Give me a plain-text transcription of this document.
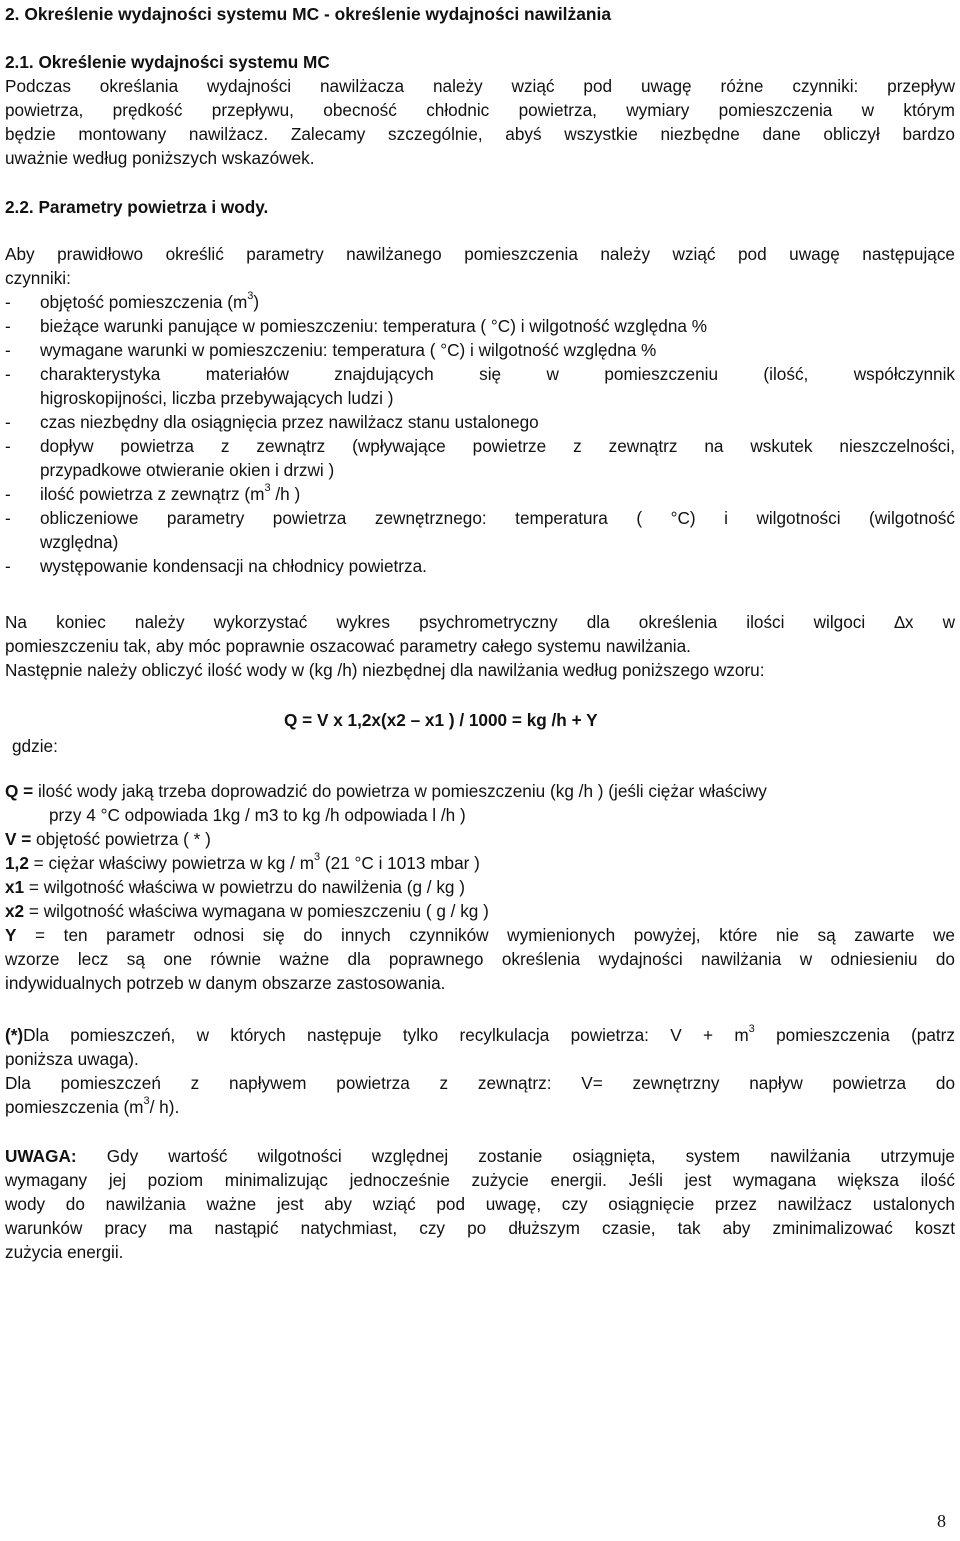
2. Określenie wydajności systemu MC - określenie wydajności nawilżania
2.1. Określenie wydajności systemu MC
Podczas określania wydajności nawilżacza należy wziąć pod uwagę różne czynniki: przepływ
powietrza, prędkość przepływu, obecność chłodnic powietrza, wymiary pomieszczenia w którym
będzie montowany nawilżacz. Zalecamy szczególnie, abyś wszystkie niezbędne dane obliczył bardzo
uważnie według poniższych wskazówek.
2.2. Parametry powietrza i wody.
Aby prawidłowo określić parametry nawilżanego pomieszczenia należy wziąć pod uwagę następujące
czynniki:
- objętość pomieszczenia $(m^3)$
- bieżące warunki panujące w pomieszczeniu: temperatura ( °C) i wilgotność względna %
- wymagane warunki w pomieszczeniu: temperatura ( °C) i wilgotność względna %
- charakterystyka materiałów znajdujących się w pomieszczeniu (ilość, współczynnik
higroskopijności, liczba przebywających ludzi )
- czas niezbędny dla osiągnięcia przez nawilżacz stanu ustalonego
- dopływ powietrza z zewnątrz (wpływające powietrze z zewnątrz na wskutek nieszczelności,
przypadkowe otwieranie okien i drzwi )
- ilość powietrza z zewnątrz ($m^3$ /h )
- obliczeniowe parametry powietrza zewnętrznego: temperatura ( °C) i wilgotności (wilgotność
względna)
- występowanie kondensacji na chłodnicy powietrza.
Na koniec należy wykorzystać wykres psychrometryczny dla określenia ilości wilgoci ∆x w
pomieszczeniu tak, aby móc poprawnie oszacować parametry całego systemu nawilżania.
Następnie należy obliczyć ilość wody w (kg /h) niezbędnej dla nawilżania według poniższego wzoru:
Q = V x 1,2x(x2 – x1 ) / 1000 = kg /h + Y
gdzie:
Q = ilość wody jaką trzeba doprowadzić do powietrza w pomieszczeniu (kg /h ) (jeśli ciężar właściwy
przy 4 °C odpowiada 1kg / m3 to kg /h odpowiada l /h )
V = objętość powietrza ( * )
1,2 = ciężar właściwy powietrza w kg / $m^3$ (21 °C i 1013 mbar )
x1 = wilgotność właściwa w powietrzu do nawilżenia (g / kg )
x2 = wilgotność właściwa wymagana w pomieszczeniu ( g / kg )
Y = ten parametr odnosi się do innych czynników wymienionych powyżej, które nie są zawarte we
wzorze lecz są one równie ważne dla poprawnego określenia wydajności nawilżania w odniesieniu do
indywidualnych potrzeb w danym obszarze zastosowania.
(*)Dla pomieszczeń, w których następuje tylko recylkulacja powietrza: $V + m^3$ pomieszczenia (patrz
poniższa uwaga).
Dla pomieszczeń z napływem powietrza z zewnątrz: V= zewnętrzny napływ powietrza do
pomieszczenia ($m^3/$ h).
UWAGA: Gdy wartość wilgotności względnej zostanie osiągnięta, system nawilżania utrzymuje
wymagany jej poziom minimalizując jednocześnie zużycie energii. Jeśli jest wymagana większa ilość
wody do nawilżania ważne jest aby wziąć pod uwagę, czy osiągnięcie przez nawilżacz ustalonych
warunków pracy ma nastąpić natychmiast, czy po dłuższym czasie, tak aby zminimalizować koszt
zużycia energii.
8
